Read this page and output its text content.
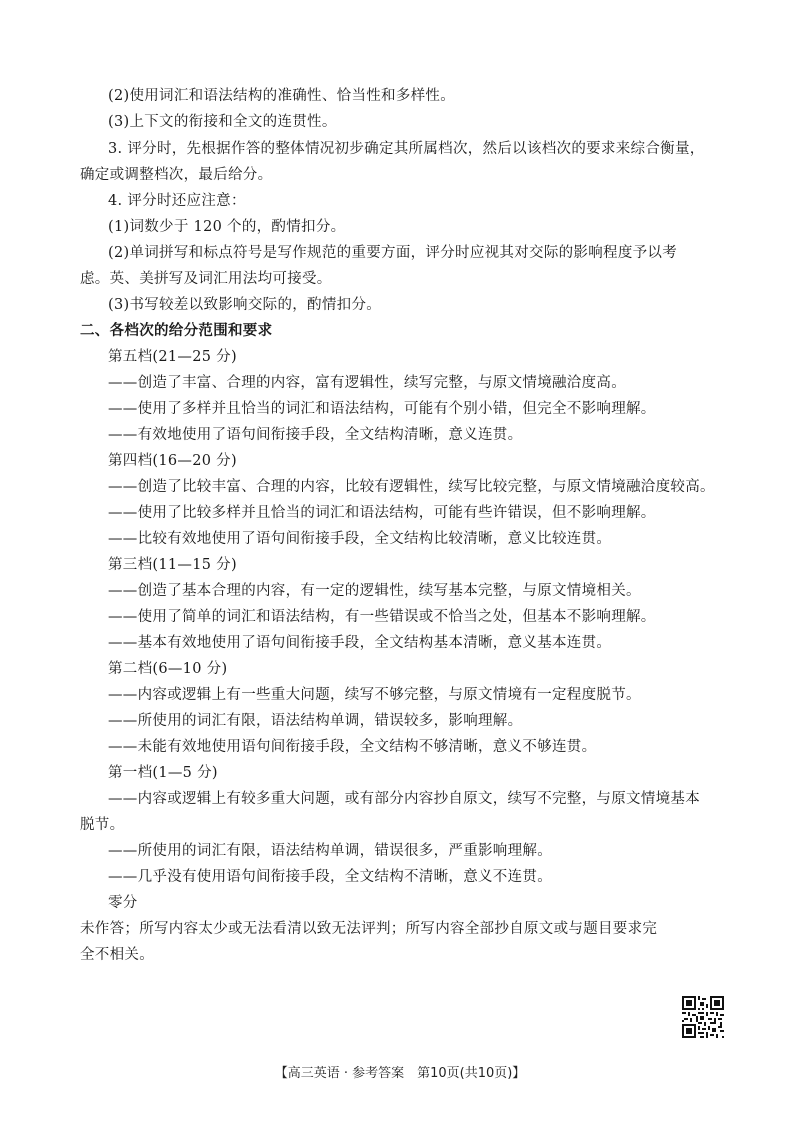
(2)使用词汇和语法结构的准确性、恰当性和多样性。
(3)上下文的衔接和全文的连贯性。
3. 评分时，先根据作答的整体情况初步确定其所属档次，然后以该档次的要求来综合衡量，
确定或调整档次，最后给分。
4. 评分时还应注意：
(1)词数少于 120 个的，酌情扣分。
(2)单词拼写和标点符号是写作规范的重要方面，评分时应视其对交际的影响程度予以考
虑。英、美拼写及词汇用法均可接受。
(3)书写较差以致影响交际的，酌情扣分。
二、各档次的给分范围和要求
第五档(21—25 分)
——创造了丰富、合理的内容，富有逻辑性，续写完整，与原文情境融洽度高。
——使用了多样并且恰当的词汇和语法结构，可能有个别小错，但完全不影响理解。
——有效地使用了语句间衔接手段，全文结构清晰，意义连贯。
第四档(16—20 分)
——创造了比较丰富、合理的内容，比较有逻辑性，续写比较完整，与原文情境融洽度较高。
——使用了比较多样并且恰当的词汇和语法结构，可能有些许错误，但不影响理解。
——比较有效地使用了语句间衔接手段，全文结构比较清晰，意义比较连贯。
第三档(11—15 分)
——创造了基本合理的内容，有一定的逻辑性，续写基本完整，与原文情境相关。
——使用了简单的词汇和语法结构，有一些错误或不恰当之处，但基本不影响理解。
——基本有效地使用了语句间衔接手段，全文结构基本清晰，意义基本连贯。
第二档(6—10 分)
——内容或逻辑上有一些重大问题，续写不够完整，与原文情境有一定程度脱节。
——所使用的词汇有限，语法结构单调，错误较多，影响理解。
——未能有效地使用语句间衔接手段，全文结构不够清晰，意义不够连贯。
第一档(1—5 分)
——内容或逻辑上有较多重大问题，或有部分内容抄自原文，续写不完整，与原文情境基本
脱节。
——所使用的词汇有限，语法结构单调，错误很多，严重影响理解。
——几乎没有使用语句间衔接手段，全文结构不清晰，意义不连贯。
零分
未作答；所写内容太少或无法看清以致无法评判；所写内容全部抄自原文或与题目要求完
全不相关。
【高三英语 · 参考答案　第10页(共10页)】
